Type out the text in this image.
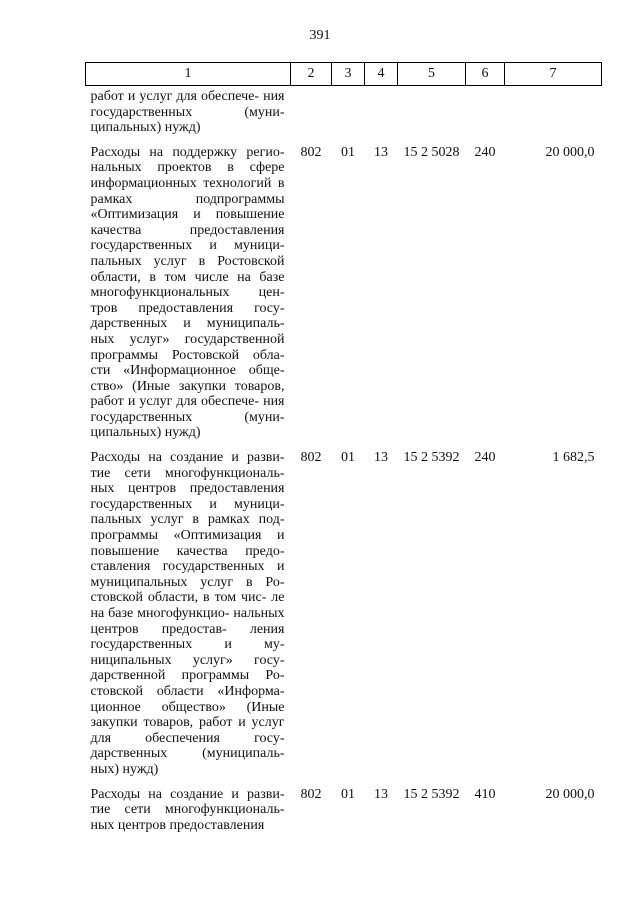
391
1	2	3	4	5	6	7
работ и услуг для обеспече- ния государственных (муни- ципальных) нужд)						
Расходы на поддержку регио- нальных проектов в сфере информационных технологий в рамках подпрограммы «Оптимизация и повышение качества предоставления государственных и муници- пальных услуг в Ростовской области, в том числе на базе многофункциональных цен- тров предоставления госу- дарственных и муниципаль- ных услуг» государственной программы Ростовской обла- сти «Информационное обще- ство» (Иные закупки товаров, работ и услуг для обеспече- ния государственных (муни- ципальных) нужд)	802	01	13	15 2 5028	240	20 000,0
Расходы на создание и разви- тие сети многофункциональ- ных центров предоставления государственных и муници- пальных услуг в рамках под- программы «Оптимизация и повышение качества предо- ставления государственных и муниципальных услуг в Ро- стовской области, в том чис- ле на базе многофункцио- нальных центров предостав- ления государственных и му- ниципальных услуг» госу- дарственной программы Ро- стовской области «Информа- ционное общество» (Иные закупки товаров, работ и услуг для обеспечения госу- дарственных (муниципаль- ных) нужд)	802	01	13	15 2 5392	240	1 682,5
Расходы на создание и разви- тие сети многофункциональ- ных центров предоставления	802	01	13	15 2 5392	410	20 000,0
